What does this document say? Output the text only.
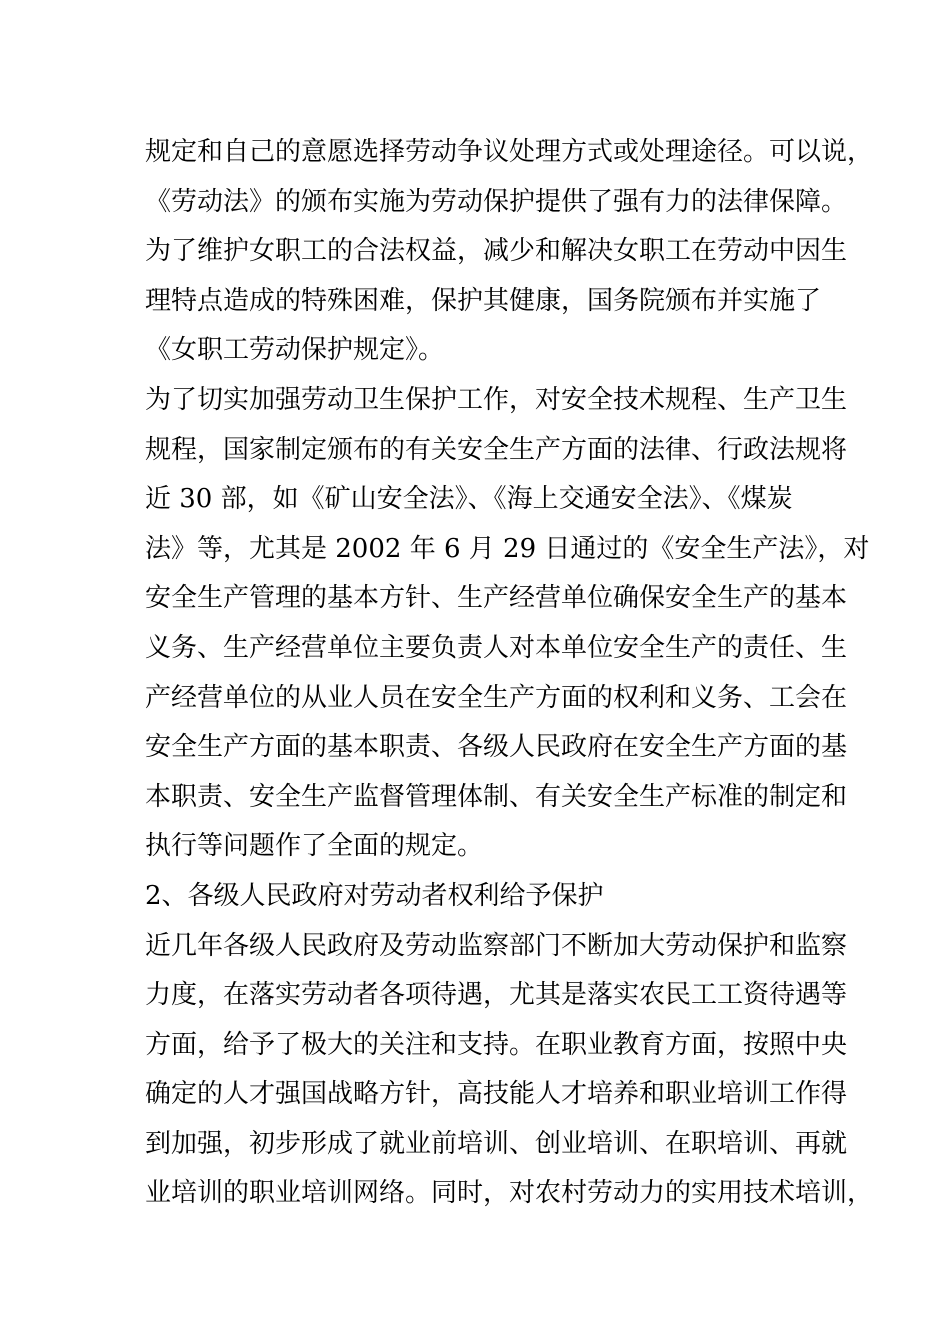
规定和自己的意愿选择劳动争议处理方式或处理途径。可以说，
《劳动法》的颁布实施为劳动保护提供了强有力的法律保障。
为了维护女职工的合法权益，减少和解决女职工在劳动中因生
理特点造成的特殊困难，保护其健康，国务院颁布并实施了
《女职工劳动保护规定》。
为了切实加强劳动卫生保护工作，对安全技术规程、生产卫生
规程，国家制定颁布的有关安全生产方面的法律、行政法规将
近 30 部，如《矿山安全法》、《海上交通安全法》、《煤炭
法》等，尤其是 2002 年 6 月 29 日通过的《安全生产法》，对
安全生产管理的基本方针、生产经营单位确保安全生产的基本
义务、生产经营单位主要负责人对本单位安全生产的责任、生
产经营单位的从业人员在安全生产方面的权利和义务、工会在
安全生产方面的基本职责、各级人民政府在安全生产方面的基
本职责、安全生产监督管理体制、有关安全生产标准的制定和
执行等问题作了全面的规定。
2、各级人民政府对劳动者权利给予保护
近几年各级人民政府及劳动监察部门不断加大劳动保护和监察
力度，在落实劳动者各项待遇，尤其是落实农民工工资待遇等
方面，给予了极大的关注和支持。在职业教育方面，按照中央
确定的人才强国战略方针，高技能人才培养和职业培训工作得
到加强，初步形成了就业前培训、创业培训、在职培训、再就
业培训的职业培训网络。同时，对农村劳动力的实用技术培训，
